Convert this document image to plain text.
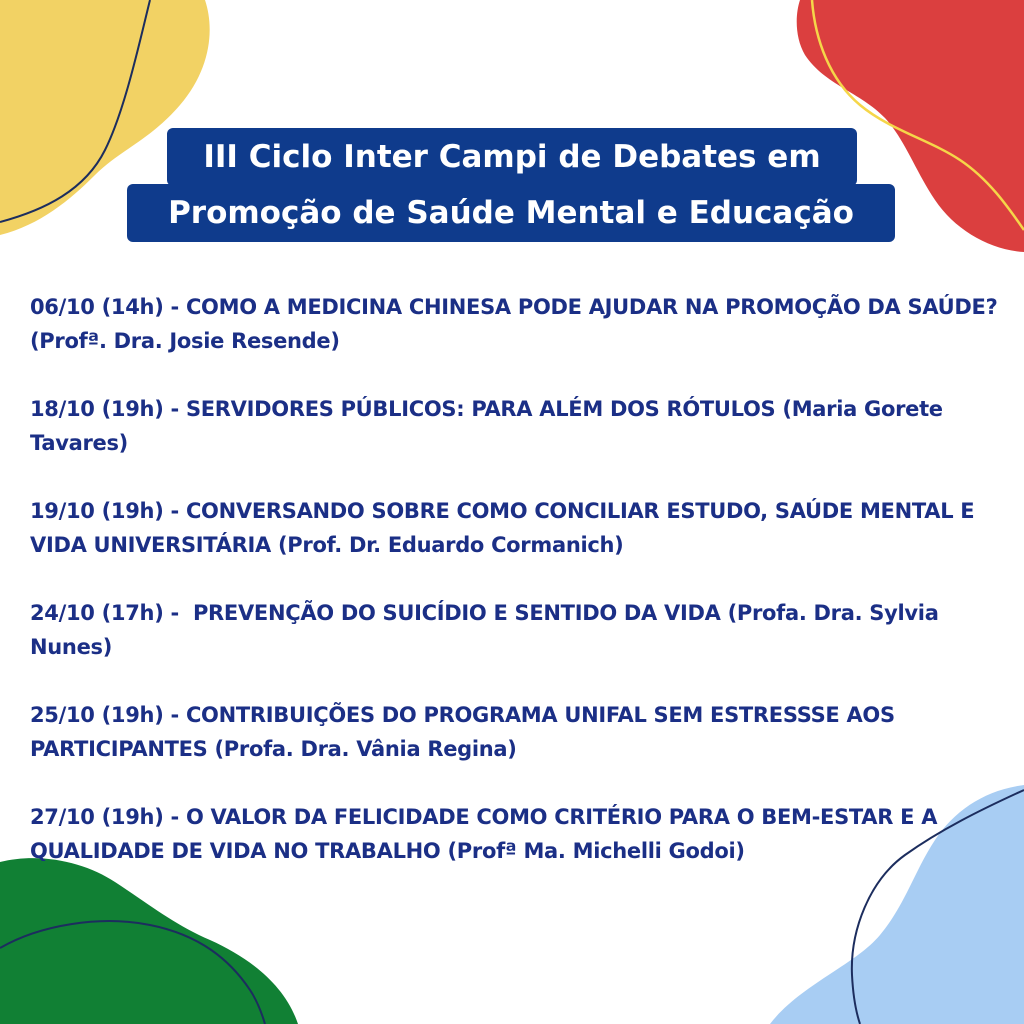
III Ciclo Inter Campi de Debates em
Promoção de Saúde Mental e Educação
06/10 (14h) - COMO A MEDICINA CHINESA PODE AJUDAR NA PROMOÇÃO DA SAÚDE? (Profª. Dra. Josie Resende)
18/10 (19h) - SERVIDORES PÚBLICOS: PARA ALÉM DOS RÓTULOS (Maria Gorete Tavares)
19/10 (19h) - CONVERSANDO SOBRE COMO CONCILIAR ESTUDO, SAÚDE MENTAL E VIDA UNIVERSITÁRIA (Prof. Dr. Eduardo Cormanich)
24/10 (17h) -  PREVENÇÃO DO SUICÍDIO E SENTIDO DA VIDA (Profa. Dra. Sylvia Nunes)
25/10 (19h) - CONTRIBUIÇÕES DO PROGRAMA UNIFAL SEM ESTRESSSE AOS PARTICIPANTES (Profa. Dra. Vânia Regina)
27/10 (19h) - O VALOR DA FELICIDADE COMO CRITÉRIO PARA O BEM-ESTAR E A QUALIDADE DE VIDA NO TRABALHO (Profª Ma. Michelli Godoi)
